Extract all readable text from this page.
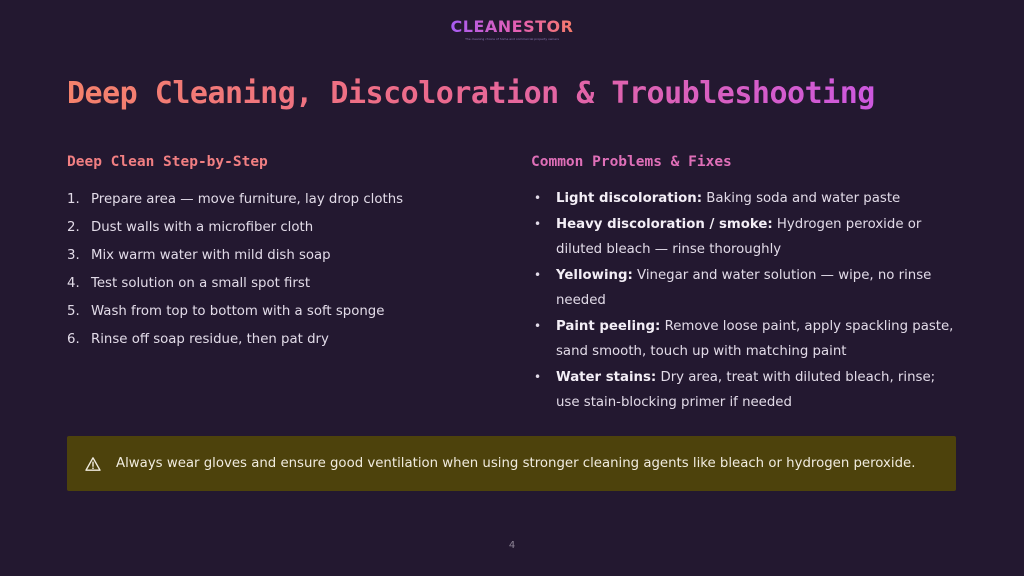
CLEANESTOR
The cleaning choice of home and commercial property owners
Deep Cleaning, Discoloration & Troubleshooting
Deep Clean Step-by-Step
1. Prepare area — move furniture, lay drop cloths
2. Dust walls with a microfiber cloth
3. Mix warm water with mild dish soap
4. Test solution on a small spot first
5. Wash from top to bottom with a soft sponge
6. Rinse off soap residue, then pat dry
Common Problems & Fixes
• Light discoloration: Baking soda and water paste
• Heavy discoloration / smoke: Hydrogen peroxide or diluted bleach — rinse thoroughly
• Yellowing: Vinegar and water solution — wipe, no rinse needed
• Paint peeling: Remove loose paint, apply spackling paste, sand smooth, touch up with matching paint
• Water stains: Dry area, treat with diluted bleach, rinse; use stain-blocking primer if needed
Always wear gloves and ensure good ventilation when using stronger cleaning agents like bleach or hydrogen peroxide.
4
